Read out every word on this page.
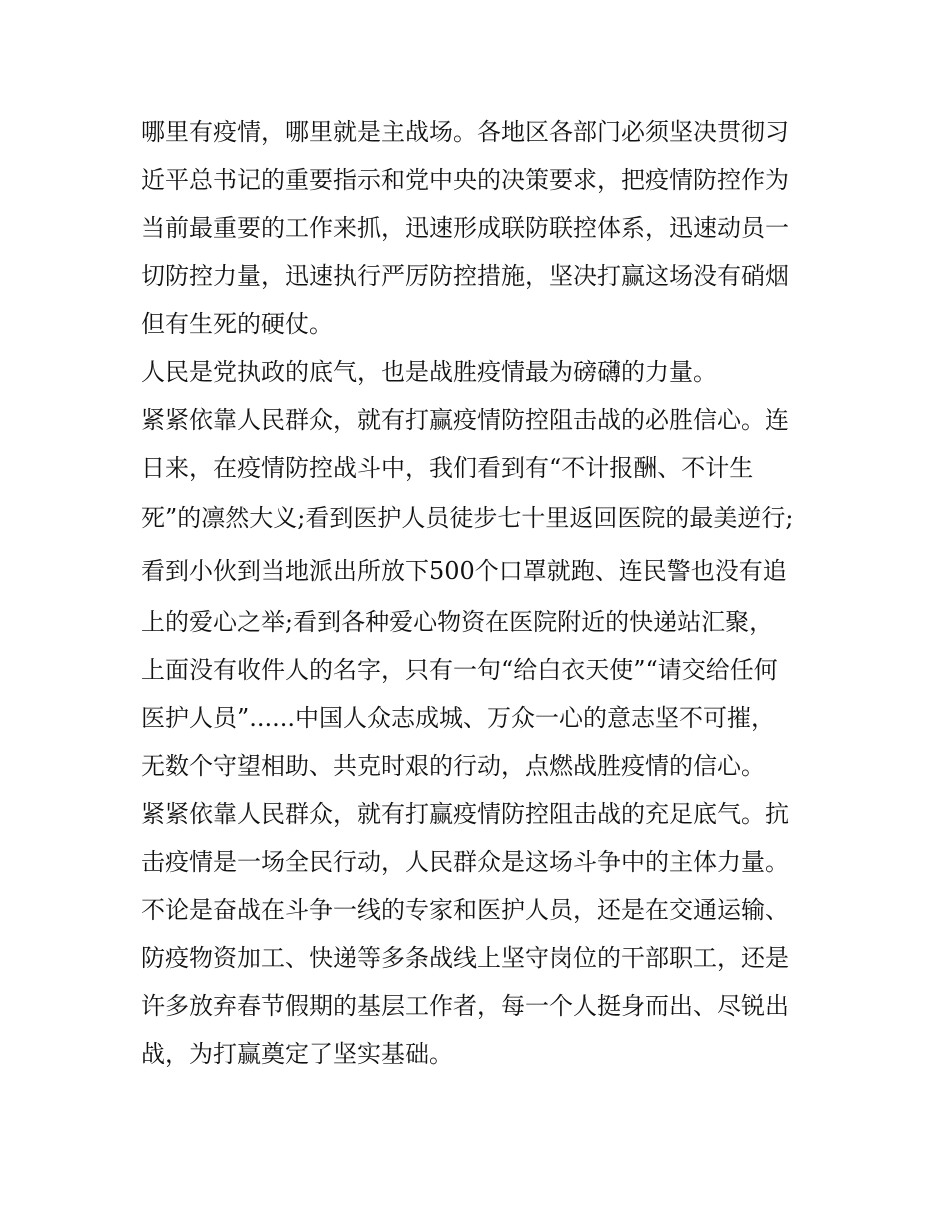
哪里有疫情，哪里就是主战场。各地区各部门必须坚决贯彻习
近平总书记的重要指示和党中央的决策要求，把疫情防控作为
当前最重要的工作来抓，迅速形成联防联控体系，迅速动员一
切防控力量，迅速执行严厉防控措施，坚决打赢这场没有硝烟
但有生死的硬仗。
人民是党执政的底气，也是战胜疫情最为磅礴的力量。
紧紧依靠人民群众，就有打赢疫情防控阻击战的必胜信心。连
日来，在疫情防控战斗中，我们看到有“不计报酬、不计生
死”的凛然大义;看到医护人员徒步七十里返回医院的最美逆行;
看到小伙到当地派出所放下500个口罩就跑、连民警也没有追
上的爱心之举;看到各种爱心物资在医院附近的快递站汇聚，
上面没有收件人的名字，只有一句“给白衣天使”“请交给任何
医护人员”......中国人众志成城、万众一心的意志坚不可摧，
无数个守望相助、共克时艰的行动，点燃战胜疫情的信心。
紧紧依靠人民群众，就有打赢疫情防控阻击战的充足底气。抗
击疫情是一场全民行动，人民群众是这场斗争中的主体力量。
不论是奋战在斗争一线的专家和医护人员，还是在交通运输、
防疫物资加工、快递等多条战线上坚守岗位的干部职工，还是
许多放弃春节假期的基层工作者，每一个人挺身而出、尽锐出
战，为打赢奠定了坚实基础。
